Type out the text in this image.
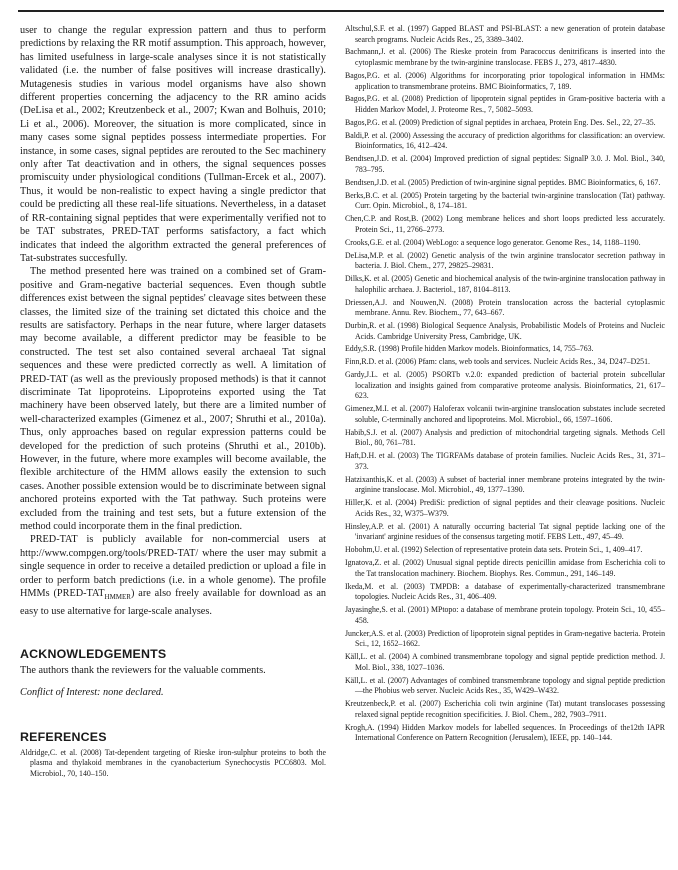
user to change the regular expression pattern and thus to perform predictions by relaxing the RR motif assumption. This approach, however, has limited usefulness in large-scale analyses since it is not statistically validated (i.e. the number of false positives will increase drastically). Mutagenesis studies in various model organisms have also shown different properties concerning the adjacency to the RR amino acids (DeLisa et al., 2002; Kreutzenbeck et al., 2007; Kwan and Bolhuis, 2010; Li et al., 2006). Moreover, the situation is more complicated, since in many cases some signal peptides possess intermediate properties. For instance, in some cases, signal peptides are rerouted to the Sec machinery only after Tat deactivation and in others, the signal sequences posses promiscuity under physiological conditions (Tullman-Ercek et al., 2007). Thus, it would be non-realistic to expect having a single predictor that could be predicting all these real-life situations. Nevertheless, in a dataset of RR-containing signal peptides that were experimentally verified not to be TAT substrates, PRED-TAT performs satisfactory, a fact which indicates that indeed the algorithm extracted the general preferences of Tat-substrates succesfully.

The method presented here was trained on a combined set of Gram-positive and Gram-negative bacterial sequences. Even though subtle differences exist between the signal peptides' cleavage sites between these classes, the limited size of the training set dictated this choice and the results are satisfactory. Perhaps in the near future, where larger datasets may become available, a different predictor may be feasible to be constructed. The test set also contained several archaeal Tat signal sequences and these were predicted correctly as well. A limitation of PRED-TAT (as well as the previously proposed methods) is that it cannot discriminate Tat lipoproteins. Lipoproteins exported using the Tat machinery have been observed lately, but there are a limited number of well-characterized examples (Gimenez et al., 2007; Shruthi et al., 2010a). Thus, only approaches based on regular expression patterns could be developed for the prediction of such proteins (Shruthi et al., 2010b). However, in the future, where more examples will become available, the flexible architecture of the HMM allows easily the extension to such cases. Another possible extension would be to discriminate between signal anchored proteins exported with the Tat pathway. Such proteins were excluded from the training and test sets, but a future extension of the method could incorporate them in the final prediction.

PRED-TAT is publicly available for non-commercial users at http://www.compgen.org/tools/PRED-TAT/ where the user may submit a single sequence in order to receive a detailed prediction or upload a file in order to perform batch predictions (i.e. in a whole genome). The profile HMMs $(PRED-TAT_{HMMER})$ are also freely available for download as an easy to use alternative for large-scale analyses.

ACKNOWLEDGEMENTS
The authors thank the reviewers for the valuable comments.
Conflict of Interest: none declared.
REFERENCES
Aldridge,C. et al. (2008) Tat-dependent targeting of Rieske iron-sulphur proteins to both the plasma and thylakoid membranes in the cyanobacterium Synechocystis PCC6803. Mol. Microbiol., 70, 140–150.
Altschul,S.F. et al. (1997) Gapped BLAST and PSI-BLAST: a new generation of protein database search programs. Nucleic Acids Res., 25, 3389–3402.
Bachmann,J. et al. (2006) The Rieske protein from Paracoccus denitrificans is inserted into the cytoplasmic membrane by the twin-arginine translocase. FEBS J., 273, 4817–4830.
Bagos,P.G. et al. (2006) Algorithms for incorporating prior topological information in HMMs: application to transmembrane proteins. BMC Bioinformatics, 7, 189.
Bagos,P.G. et al. (2008) Prediction of lipoprotein signal peptides in Gram-positive bacteria with a Hidden Markov Model, J. Proteome Res., 7, 5082–5093.
Bagos,P.G. et al. (2009) Prediction of signal peptides in archaea, Protein Eng. Des. Sel., 22, 27–35.
Baldi,P. et al. (2000) Assessing the accuracy of prediction algorithms for classification: an overview. Bioinformatics, 16, 412–424.
Bendtsen,J.D. et al. (2004) Improved prediction of signal peptides: SignalP 3.0. J. Mol. Biol., 340, 783–795.
Bendtsen,J.D. et al. (2005) Prediction of twin-arginine signal peptides. BMC Bioinformatics, 6, 167.
Berks,B.C. et al. (2005) Protein targeting by the bacterial twin-arginine translocation (Tat) pathway. Curr. Opin. Microbiol., 8, 174–181.
Chen,C.P. and Rost,B. (2002) Long membrane helices and short loops predicted less accurately. Protein Sci., 11, 2766–2773.
Crooks,G.E. et al. (2004) WebLogo: a sequence logo generator. Genome Res., 14, 1188–1190.
DeLisa,M.P. et al. (2002) Genetic analysis of the twin arginine translocator secretion pathway in bacteria. J. Biol. Chem., 277, 29825–29831.
Dilks,K. et al. (2005) Genetic and biochemical analysis of the twin-arginine translocation pathway in halophilic archaea. J. Bacteriol., 187, 8104–8113.
Driessen,A.J. and Nouwen,N. (2008) Protein translocation across the bacterial cytoplasmic membrane. Annu. Rev. Biochem., 77, 643–667.
Durbin,R. et al. (1998) Biological Sequence Analysis, Probabilistic Models of Proteins and Nucleic Acids. Cambridge University Press, Cambridge, UK.
Eddy,S.R. (1998) Profile hidden Markov models. Bioinformatics, 14, 755–763.
Finn,R.D. et al. (2006) Pfam: clans, web tools and services. Nucleic Acids Res., 34, D247–D251.
Gardy,J.L. et al. (2005) PSORTb v.2.0: expanded prediction of bacterial protein subcellular localization and insights gained from comparative proteome analysis. Bioinformatics, 21, 617–623.
Gimenez,M.I. et al. (2007) Haloferax volcanii twin-arginine translocation substates include secreted soluble, C-terminally anchored and lipoproteins. Mol. Microbiol., 66, 1597–1606.
Habib,S.J. et al. (2007) Analysis and prediction of mitochondrial targeting signals. Methods Cell Biol., 80, 761–781.
Haft,D.H. et al. (2003) The TIGRFAMs database of protein families. Nucleic Acids Res., 31, 371–373.
Hatzixanthis,K. et al. (2003) A subset of bacterial inner membrane proteins integrated by the twin-arginine translocase. Mol. Microbiol., 49, 1377–1390.
Hiller,K. et al. (2004) PrediSi: prediction of signal peptides and their cleavage positions. Nucleic Acids Res., 32, W375–W379.
Hinsley,A.P. et al. (2001) A naturally occurring bacterial Tat signal peptide lacking one of the 'invariant' arginine residues of the consensus targeting motif. FEBS Lett., 497, 45–49.
Hobohm,U. et al. (1992) Selection of representative protein data sets. Protein Sci., 1, 409–417.
Ignatova,Z. et al. (2002) Unusual signal peptide directs penicillin amidase from Escherichia coli to the Tat translocation machinery. Biochem. Biophys. Res. Commun., 291, 146–149.
Ikeda,M. et al. (2003) TMPDB: a database of experimentally-characterized transmembrane topologies. Nucleic Acids Res., 31, 406–409.
Jayasinghe,S. et al. (2001) MPtopo: a database of membrane protein topology. Protein Sci., 10, 455–458.
Juncker,A.S. et al. (2003) Prediction of lipoprotein signal peptides in Gram-negative bacteria. Protein Sci., 12, 1652–1662.
Käll,L. et al. (2004) A combined transmembrane topology and signal peptide prediction method. J. Mol. Biol., 338, 1027–1036.
Käll,L. et al. (2007) Advantages of combined transmembrane topology and signal peptide prediction—the Phobius web server. Nucleic Acids Res., 35, W429–W432.
Kreutzenbeck,P. et al. (2007) Escherichia coli twin arginine (Tat) mutant translocases possessing relaxed signal peptide recognition specificities. J. Biol. Chem., 282, 7903–7911.
Krogh,A. (1994) Hidden Markov models for labelled sequences. In Proceedings of the12th IAPR International Conference on Pattern Recognition (Jerusalem), IEEE, pp. 140–144.
